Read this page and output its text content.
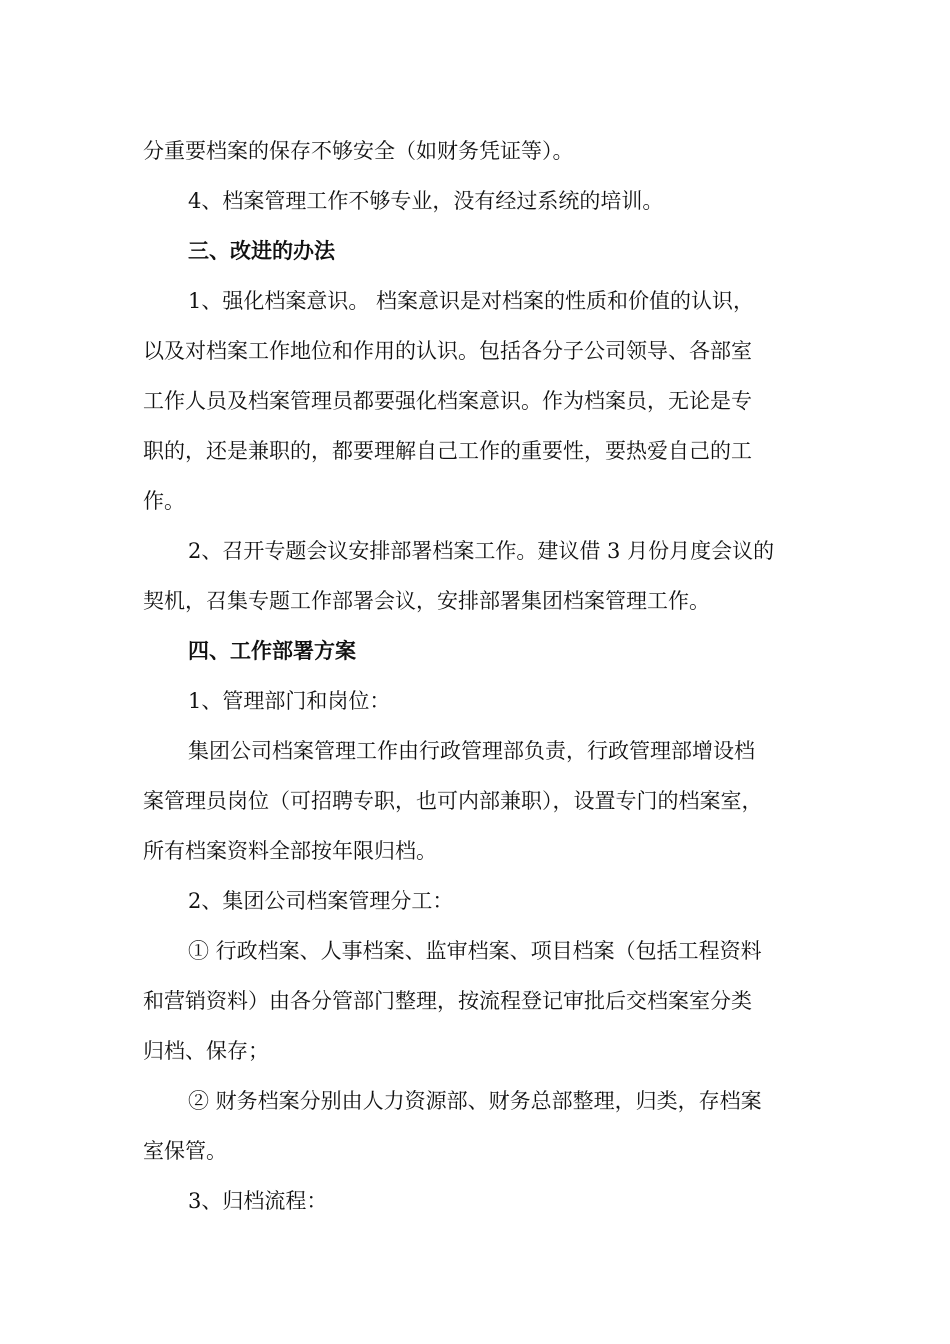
分重要档案的保存不够安全（如财务凭证等）。
4、档案管理工作不够专业，没有经过系统的培训。
三、改进的办法
1、强化档案意识。 档案意识是对档案的性质和价值的认识，
以及对档案工作地位和作用的认识。包括各分子公司领导、各部室
工作人员及档案管理员都要强化档案意识。作为档案员，无论是专
职的，还是兼职的，都要理解自己工作的重要性，要热爱自己的工
作。
2、召开专题会议安排部署档案工作。建议借 3 月份月度会议的
契机，召集专题工作部署会议，安排部署集团档案管理工作。
四、工作部署方案
1、管理部门和岗位：
集团公司档案管理工作由行政管理部负责，行政管理部增设档
案管理员岗位（可招聘专职，也可内部兼职），设置专门的档案室，
所有档案资料全部按年限归档。
2、集团公司档案管理分工：
① 行政档案、人事档案、监审档案、项目档案（包括工程资料
和营销资料）由各分管部门整理，按流程登记审批后交档案室分类
归档、保存；
② 财务档案分别由人力资源部、财务总部整理，归类，存档案
室保管。
3、归档流程：
